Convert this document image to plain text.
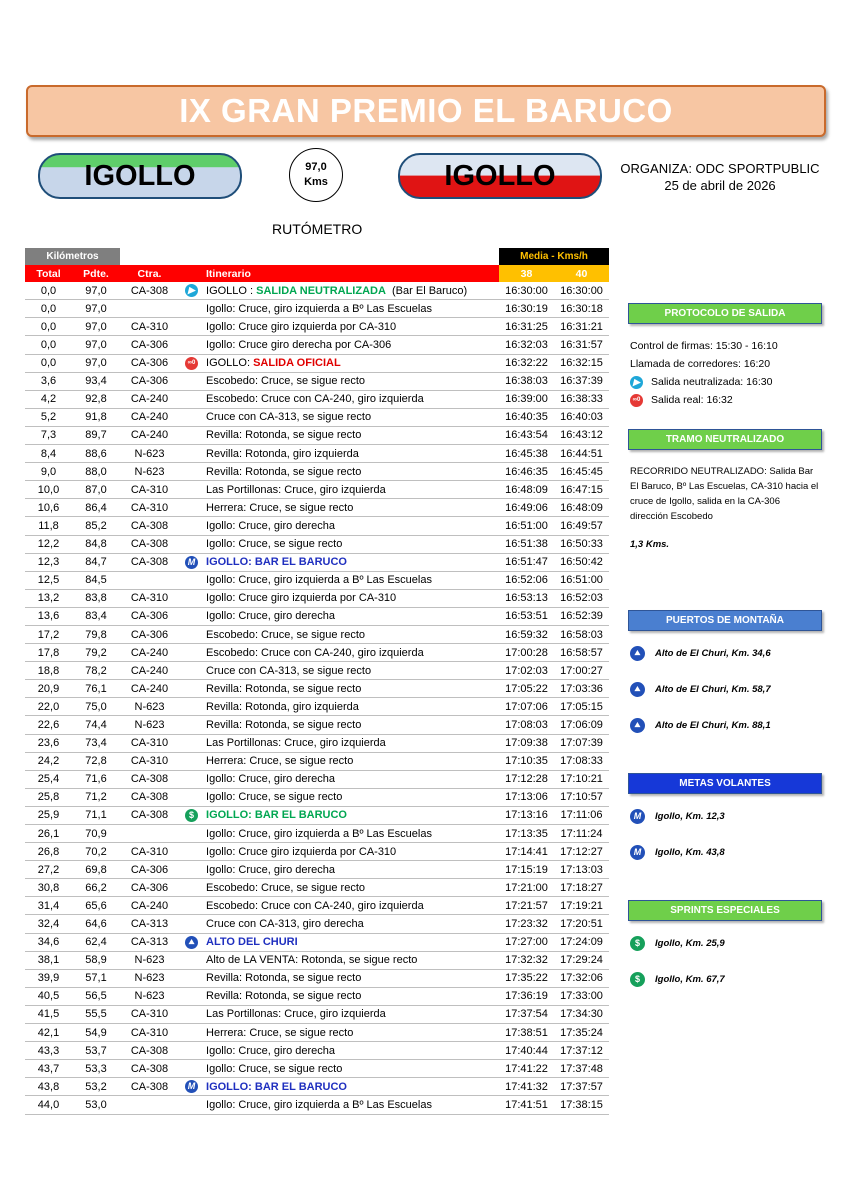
IX GRAN PREMIO EL BARUCO
IGOLLO	97,0
Kms	IGOLLO	ORGANIZA: ODC SPORTPUBLIC
25 de abril de 2026
RUTÓMETRO
Kilómetros					Media - Kms/h	
Total	Pdte.	Ctra.		Itinerario	38	40
0,0	97,0	CA-308	▶	IGOLLO : SALIDA NEUTRALIZADA  (Bar El Baruco)	16:30:00	16:30:00
0,0	97,0			Igollo: Cruce, giro izquierda a Bº Las Escuelas	16:30:19	16:30:18
0,0	97,0	CA-310		Igollo: Cruce giro izquierda por CA-310	16:31:25	16:31:21
0,0	97,0	CA-306		Igollo: Cruce giro derecha por CA-306	16:32:03	16:31:57
0,0	97,0	CA-306	∞0	IGOLLO: SALIDA OFICIAL	16:32:22	16:32:15
3,6	93,4	CA-306		Escobedo: Cruce, se sigue recto	16:38:03	16:37:39
4,2	92,8	CA-240		Escobedo: Cruce con CA-240, giro izquierda	16:39:00	16:38:33
5,2	91,8	CA-240		Cruce con CA-313, se sigue recto	16:40:35	16:40:03
7,3	89,7	CA-240		Revilla: Rotonda, se sigue recto	16:43:54	16:43:12
8,4	88,6	N-623		Revilla: Rotonda, giro izquierda	16:45:38	16:44:51
9,0	88,0	N-623		Revilla: Rotonda, se sigue recto	16:46:35	16:45:45
10,0	87,0	CA-310		Las Portillonas: Cruce, giro izquierda	16:48:09	16:47:15
10,6	86,4	CA-310		Herrera: Cruce, se sigue recto	16:49:06	16:48:09
11,8	85,2	CA-308		Igollo: Cruce, giro derecha	16:51:00	16:49:57
12,2	84,8	CA-308		Igollo: Cruce, se sigue recto	16:51:38	16:50:33
12,3	84,7	CA-308	M	IGOLLO: BAR EL BARUCO	16:51:47	16:50:42
12,5	84,5			Igollo: Cruce, giro izquierda a Bº Las Escuelas	16:52:06	16:51:00
13,2	83,8	CA-310		Igollo: Cruce giro izquierda por CA-310	16:53:13	16:52:03
13,6	83,4	CA-306		Igollo: Cruce, giro derecha	16:53:51	16:52:39
17,2	79,8	CA-306		Escobedo: Cruce, se sigue recto	16:59:32	16:58:03
17,8	79,2	CA-240		Escobedo: Cruce con CA-240, giro izquierda	17:00:28	16:58:57
18,8	78,2	CA-240		Cruce con CA-313, se sigue recto	17:02:03	17:00:27
20,9	76,1	CA-240		Revilla: Rotonda, se sigue recto	17:05:22	17:03:36
22,0	75,0	N-623		Revilla: Rotonda, giro izquierda	17:07:06	17:05:15
22,6	74,4	N-623		Revilla: Rotonda, se sigue recto	17:08:03	17:06:09
23,6	73,4	CA-310		Las Portillonas: Cruce, giro izquierda	17:09:38	17:07:39
24,2	72,8	CA-310		Herrera: Cruce, se sigue recto	17:10:35	17:08:33
25,4	71,6	CA-308		Igollo: Cruce, giro derecha	17:12:28	17:10:21
25,8	71,2	CA-308		Igollo: Cruce, se sigue recto	17:13:06	17:10:57
25,9	71,1	CA-308	$	IGOLLO: BAR EL BARUCO	17:13:16	17:11:06
26,1	70,9			Igollo: Cruce, giro izquierda a Bº Las Escuelas	17:13:35	17:11:24
26,8	70,2	CA-310		Igollo: Cruce giro izquierda por CA-310	17:14:41	17:12:27
27,2	69,8	CA-306		Igollo: Cruce, giro derecha	17:15:19	17:13:03
30,8	66,2	CA-306		Escobedo: Cruce, se sigue recto	17:21:00	17:18:27
31,4	65,6	CA-240		Escobedo: Cruce con CA-240, giro izquierda	17:21:57	17:19:21
32,4	64,6	CA-313		Cruce con CA-313, giro derecha	17:23:32	17:20:51
34,6	62,4	CA-313	⛰	ALTO DEL CHURI	17:27:00	17:24:09
38,1	58,9	N-623		Alto de LA VENTA: Rotonda, se sigue recto	17:32:32	17:29:24
39,9	57,1	N-623		Revilla: Rotonda, se sigue recto	17:35:22	17:32:06
40,5	56,5	N-623		Revilla: Rotonda, se sigue recto	17:36:19	17:33:00
41,5	55,5	CA-310		Las Portillonas: Cruce, giro izquierda	17:37:54	17:34:30
42,1	54,9	CA-310		Herrera: Cruce, se sigue recto	17:38:51	17:35:24
43,3	53,7	CA-308		Igollo: Cruce, giro derecha	17:40:44	17:37:12
43,7	53,3	CA-308		Igollo: Cruce, se sigue recto	17:41:22	17:37:48
43,8	53,2	CA-308	M	IGOLLO: BAR EL BARUCO	17:41:32	17:37:57
44,0	53,0			Igollo: Cruce, giro izquierda a Bº Las Escuelas	17:41:51	17:38:15
PROTOCOLO DE SALIDA
Control de firmas: 15:30 - 16:10
Llamada de corredores: 16:20
▶ Salida neutralizada: 16:30
∞0 Salida real: 16:32
TRAMO NEUTRALIZADO
RECORRIDO NEUTRALIZADO: Salida Bar El Baruco, Bº Las Escuelas, CA-310 hacia el cruce de Igollo, salida en la CA-306 dirección Escobedo
1,3 Kms.
PUERTOS DE MONTAÑA
⛰	Alto de El Churi, Km. 34,6
⛰	Alto de El Churi, Km. 58,7
⛰	Alto de El Churi, Km. 88,1
METAS VOLANTES
M	Igollo, Km. 12,3
M	Igollo, Km. 43,8
SPRINTS ESPECIALES
$	Igollo, Km. 25,9
$	Igollo, Km. 67,7
